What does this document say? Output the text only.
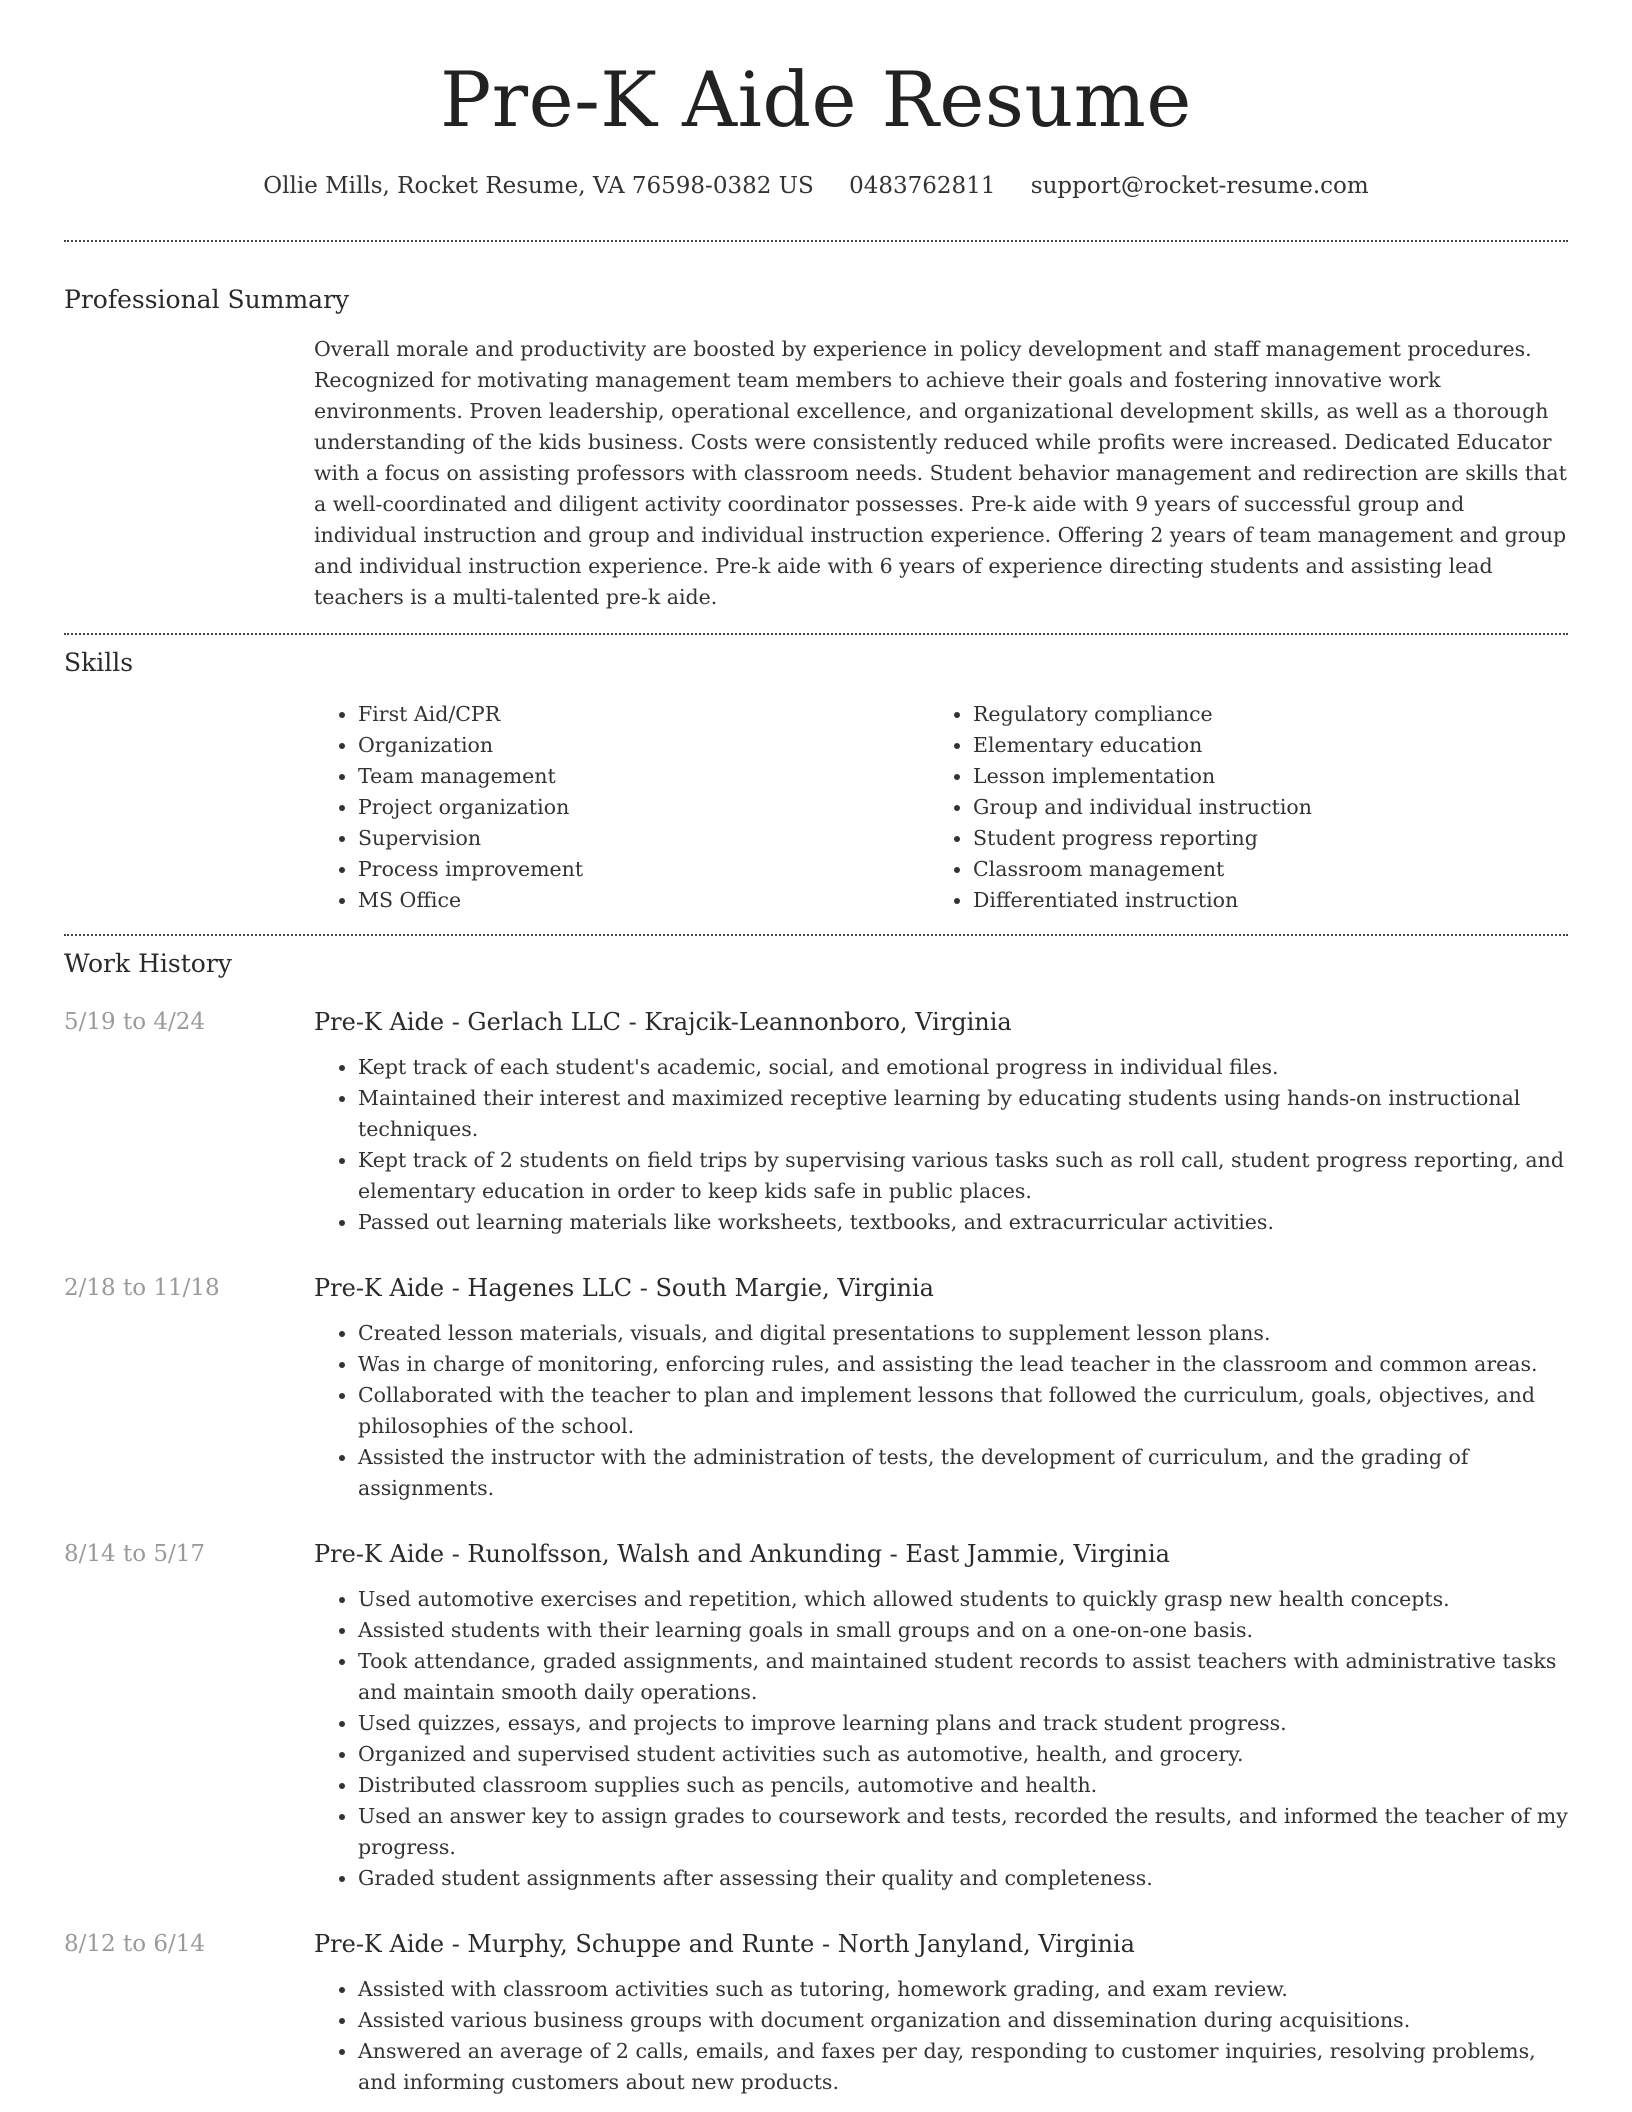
Pre-K Aide Resume
Ollie Mills, Rocket Resume, VA 76598-0382 US 0483762811 support@rocket-resume.com
Professional Summary

Overall morale and productivity are boosted by experience in policy development and staff management procedures. Recognized for motivating management team members to achieve their goals and fostering innovative work environments. Proven leadership, operational excellence, and organizational development skills, as well as a thorough understanding of the kids business. Costs were consistently reduced while profits were increased. Dedicated Educator with a focus on assisting professors with classroom needs. Student behavior management and redirection are skills that a well-coordinated and diligent activity coordinator possesses. Pre-k aide with 9 years of successful group and individual instruction and group and individual instruction experience. Offering 2 years of team management and group and individual instruction experience. Pre-k aide with 6 years of experience directing students and assisting lead teachers is a multi-talented pre-k aide.

Skills
• First Aid/CPR
• Organization
• Team management
• Project organization
• Supervision
• Process improvement
• MS Office
• Regulatory compliance
• Elementary education
• Lesson implementation
• Group and individual instruction
• Student progress reporting
• Classroom management
• Differentiated instruction
Work History
5/19 to 4/24	Pre-K Aide - Gerlach LLC - Krajcik-Leannonboro, Virginia
• Kept track of each student's academic, social, and emotional progress in individual files.
• Maintained their interest and maximized receptive learning by educating students using hands-on instructional techniques.
• Kept track of 2 students on field trips by supervising various tasks such as roll call, student progress reporting, and elementary education in order to keep kids safe in public places.
• Passed out learning materials like worksheets, textbooks, and extracurricular activities.
2/18 to 11/18	Pre-K Aide - Hagenes LLC - South Margie, Virginia
• Created lesson materials, visuals, and digital presentations to supplement lesson plans.
• Was in charge of monitoring, enforcing rules, and assisting the lead teacher in the classroom and common areas.
• Collaborated with the teacher to plan and implement lessons that followed the curriculum, goals, objectives, and philosophies of the school.
• Assisted the instructor with the administration of tests, the development of curriculum, and the grading of assignments.
8/14 to 5/17	Pre-K Aide - Runolfsson, Walsh and Ankunding - East Jammie, Virginia
• Used automotive exercises and repetition, which allowed students to quickly grasp new health concepts.
• Assisted students with their learning goals in small groups and on a one-on-one basis.
• Took attendance, graded assignments, and maintained student records to assist teachers with administrative tasks and maintain smooth daily operations.
• Used quizzes, essays, and projects to improve learning plans and track student progress.
• Organized and supervised student activities such as automotive, health, and grocery.
• Distributed classroom supplies such as pencils, automotive and health.
• Used an answer key to assign grades to coursework and tests, recorded the results, and informed the teacher of my progress.
• Graded student assignments after assessing their quality and completeness.
8/12 to 6/14	Pre-K Aide - Murphy, Schuppe and Runte - North Janyland, Virginia
• Assisted with classroom activities such as tutoring, homework grading, and exam review.
• Assisted various business groups with document organization and dissemination during acquisitions.
• Answered an average of 2 calls, emails, and faxes per day, responding to customer inquiries, resolving problems, and informing customers about new products.
